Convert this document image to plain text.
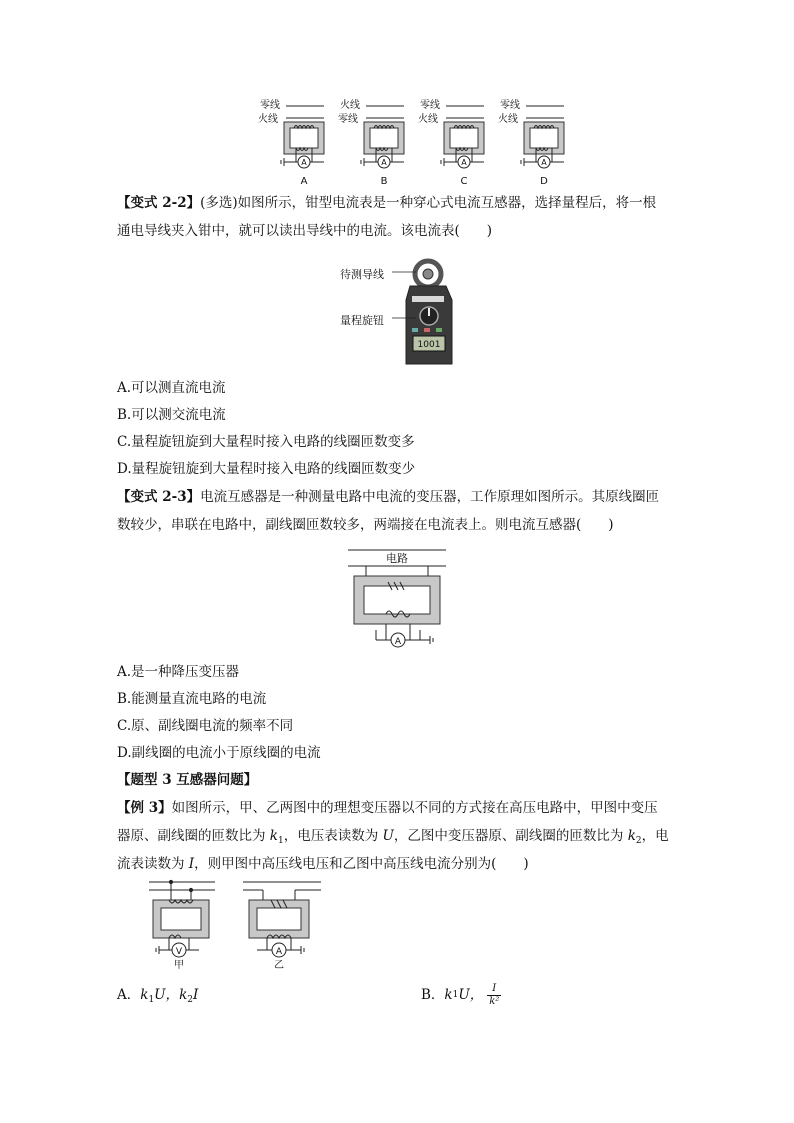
零线
火线
A
A
火线
零线
A
B
零线
火线
A
C
零线
火线
A
D
【变式 2-2】(多选)如图所示，钳型电流表是一种穿心式电流互感器，选择量程后，将一根
通电导线夹入钳中，就可以读出导线中的电流。该电流表(　　)
1001
待测导线
量程旋钮
A.可以测直流电流
B.可以测交流电流
C.量程旋钮旋到大量程时接入电路的线圈匝数变多
D.量程旋钮旋到大量程时接入电路的线圈匝数变少
【变式 2-3】电流互感器是一种测量电路中电流的变压器，工作原理如图所示。其原线圈匝
数较少，串联在电路中，副线圈匝数较多，两端接在电流表上。则电流互感器(　　)
电路
A
A.是一种降压变压器
B.能测量直流电路的电流
C.原、副线圈电流的频率不同
D.副线圈的电流小于原线圈的电流
【题型 3 互感器问题】
【例 3】如图所示，甲、乙两图中的理想变压器以不同的方式接在高压电路中，甲图中变压
器原、副线圈的匝数比为 $k_1$，电压表读数为 U，乙图中变压器原、副线圈的匝数比为 $k_2$，电
流表读数为 I，则甲图中高压线电压和乙图中高压线电流分别为(　　)
V
甲
A
乙
A．$k_1U$，$k_2I$	B． k 1 U， $\frac{I}{\text{k²}}$
